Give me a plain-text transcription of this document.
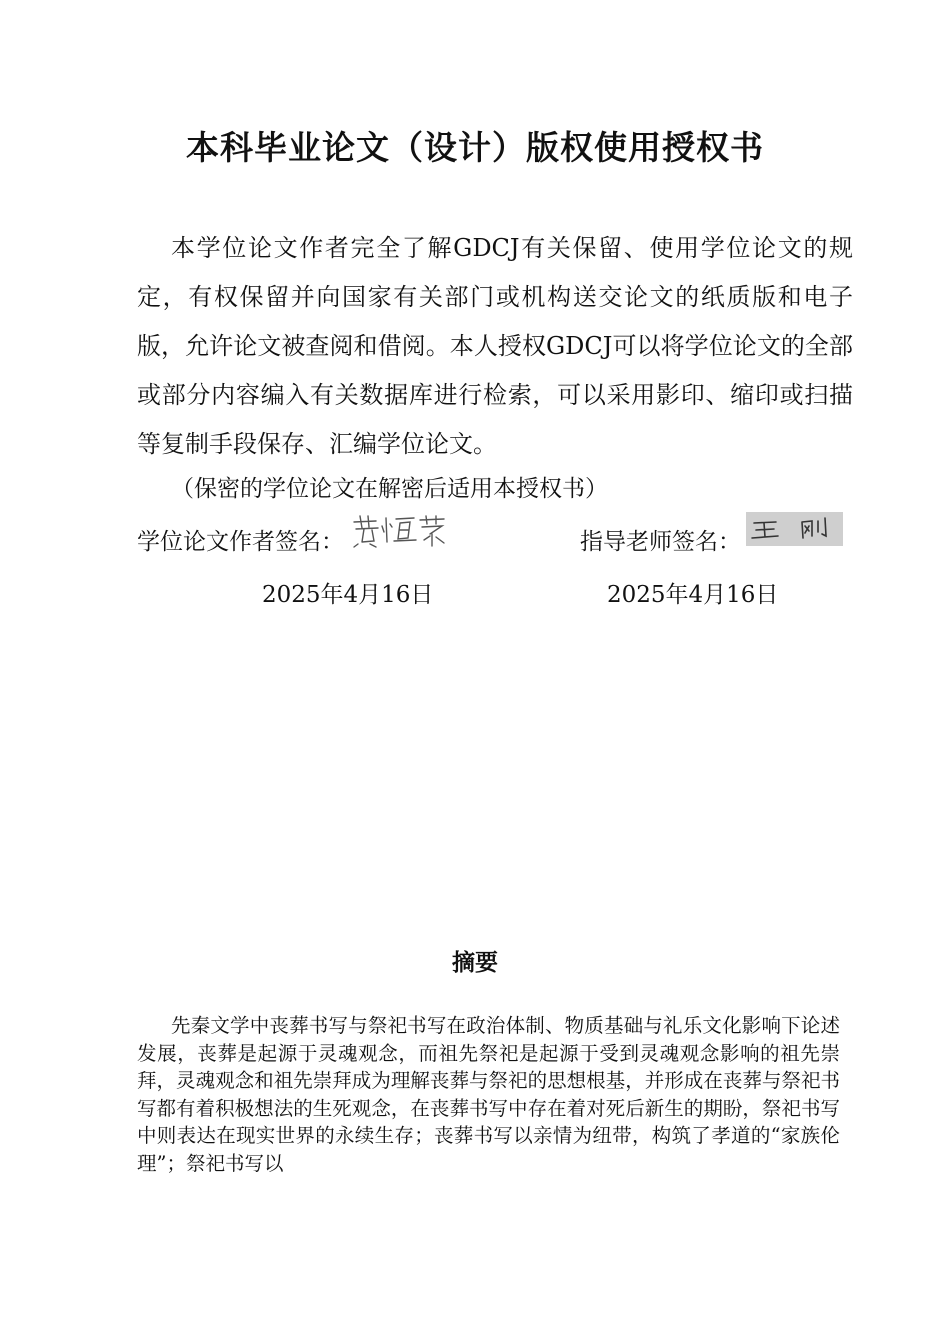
本科毕业论文（设计）版权使用授权书

本学位论文作者完全了解GDCJ有关保留、使用学位论文的规定，有权保留并向国家有关部门或机构送交论文的纸质版和电子版，允许论文被查阅和借阅。本人授权GDCJ可以将学位论文的全部或部分内容编入有关数据库进行检索，可以采用影印、缩印或扫描等复制手段保存、汇编学位论文。

（保密的学位论文在解密后适用本授权书）

学位论文作者签名：	指导老师签名：

2025年4月16日	2025年4月16日

摘要

先秦文学中丧葬书写与祭祀书写在政治体制、物质基础与礼乐文化影响下论述发展，丧葬是起源于灵魂观念，而祖先祭祀是起源于受到灵魂观念影响的祖先崇拜，灵魂观念和祖先崇拜成为理解丧葬与祭祀的思想根基，并形成在丧葬与祭祀书写都有着积极想法的生死观念，在丧葬书写中存在着对死后新生的期盼，祭祀书写中则表达在现实世界的永续生存；丧葬书写以亲情为纽带，构筑了孝道的“家族伦理”；祭祀书写以
